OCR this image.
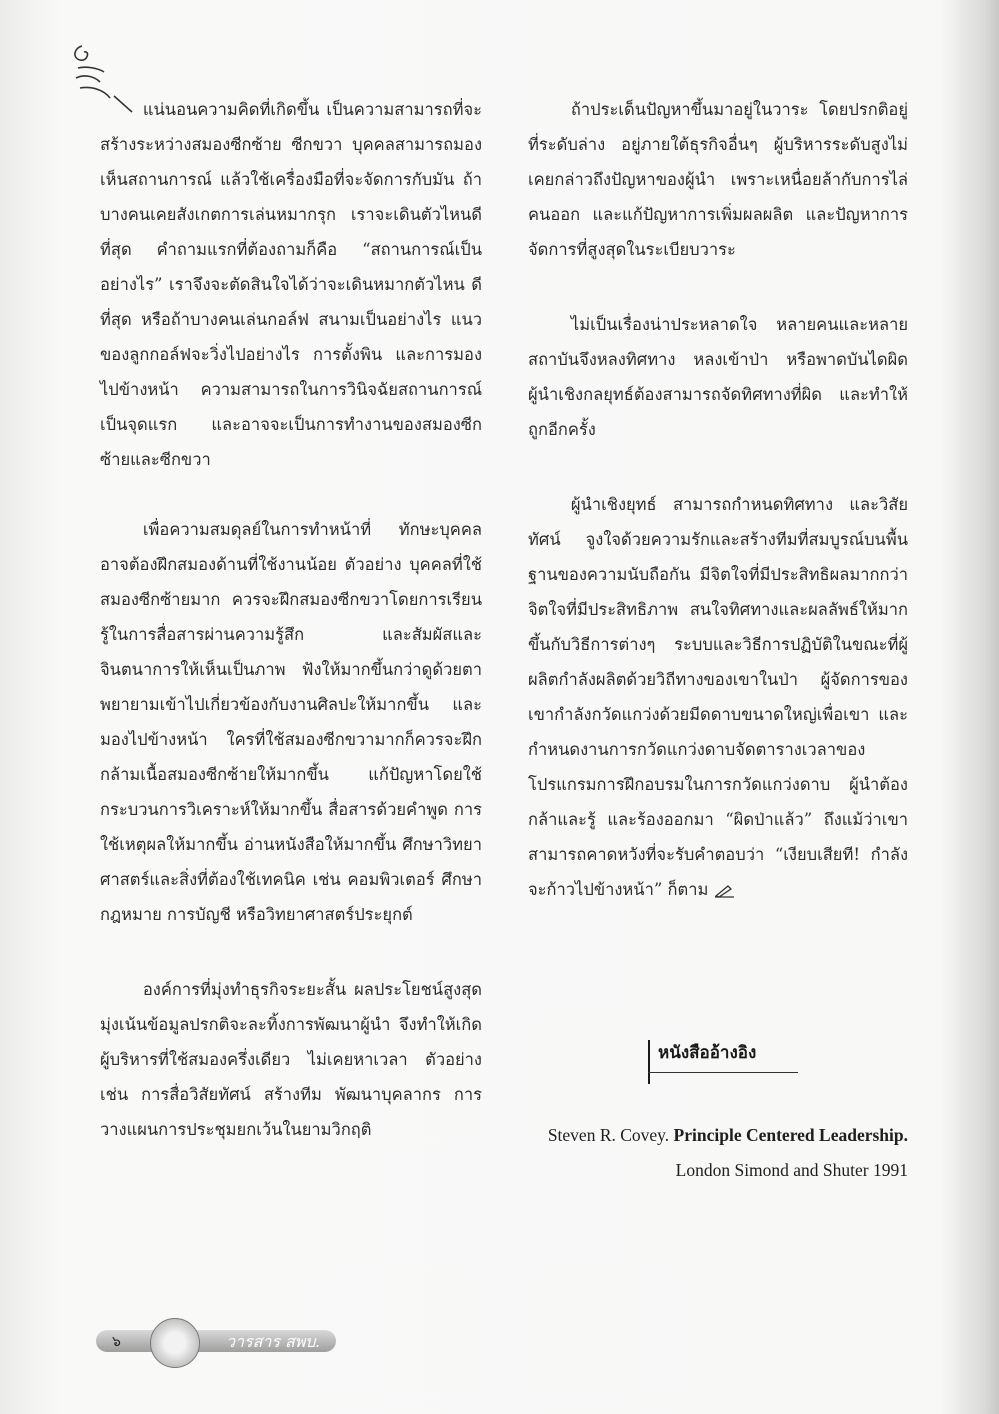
แน่นอนความคิดที่เกิดขึ้น เป็นความสามารถที่จะสร้างระหว่างสมองซีกซ้าย ซีกขวา บุคคลสามารถมองเห็นสถานการณ์ แล้วใช้เครื่องมือที่จะจัดการกับมัน ถ้าบางคนเคยสังเกตการเล่นหมากรุก เราจะเดินตัวไหนดีที่สุด คำถามแรกที่ต้องถามก็คือ “สถานการณ์เป็นอย่างไร” เราจึงจะตัดสินใจได้ว่าจะเดินหมากตัวไหน ดีที่สุด หรือถ้าบางคนเล่นกอล์ฟ สนามเป็นอย่างไร แนวของลูกกอล์ฟจะวิ่งไปอย่างไร การตั้งพิน และการมองไปข้างหน้า ความสามารถในการวินิจฉัยสถานการณ์เป็นจุดแรก และอาจจะเป็นการทำงานของสมองซีกซ้ายและซีกขวา

เพื่อความสมดุลย์ในการทำหน้าที่ ทักษะบุคคลอาจต้องฝึกสมองด้านที่ใช้งานน้อย ตัวอย่าง บุคคลที่ใช้สมองซีกซ้ายมาก ควรจะฝึกสมองซีกขวาโดยการเรียนรู้ในการสื่อสารผ่านความรู้สึก และสัมผัสและจินตนาการให้เห็นเป็นภาพ ฟังให้มากขึ้นกว่าดูด้วยตา พยายามเข้าไปเกี่ยวข้องกับงานศิลปะให้มากขึ้น และมองไปข้างหน้า ใครที่ใช้สมองซีกขวามากก็ควรจะฝึกกล้ามเนื้อสมองซีกซ้ายให้มากขึ้น แก้ปัญหาโดยใช้กระบวนการวิเคราะห์ให้มากขึ้น สื่อสารด้วยคำพูด การใช้เหตุผลให้มากขึ้น อ่านหนังสือให้มากขึ้น ศึกษาวิทยาศาสตร์และสิ่งที่ต้องใช้เทคนิค เช่น คอมพิวเตอร์ ศึกษากฎหมาย การบัญชี หรือวิทยาศาสตร์ประยุกต์

องค์การที่มุ่งทำธุรกิจระยะสั้น ผลประโยชน์สูงสุด มุ่งเน้นข้อมูลปรกติจะละทิ้งการพัฒนาผู้นำ จึงทำให้เกิดผู้บริหารที่ใช้สมองครึ่งเดียว ไม่เคยหาเวลา ตัวอย่างเช่น การสื่อวิสัยทัศน์ สร้างทีม พัฒนาบุคลากร การวางแผนการประชุมยกเว้นในยามวิกฤติ

ถ้าประเด็นปัญหาขึ้นมาอยู่ในวาระ โดยปรกติอยู่ที่ระดับล่าง อยู่ภายใต้ธุรกิจอื่นๆ ผู้บริหารระดับสูงไม่เคยกล่าวถึงปัญหาของผู้นำ เพราะเหนื่อยล้ากับการไล่คนออก และแก้ปัญหาการเพิ่มผลผลิต และปัญหาการจัดการที่สูงสุดในระเบียบวาระ

ไม่เป็นเรื่องน่าประหลาดใจ หลายคนและหลายสถาบันจึงหลงทิศทาง หลงเข้าป่า หรือพาดบันไดผิด ผู้นำเชิงกลยุทธ์ต้องสามารถจัดทิศทางที่ผิด และทำให้ถูกอีกครั้ง

ผู้นำเชิงยุทธ์ สามารถกำหนดทิศทาง และวิสัยทัศน์ จูงใจด้วยความรักและสร้างทีมที่สมบูรณ์บนพื้นฐานของความนับถือกัน มีจิตใจที่มีประสิทธิผลมากกว่าจิตใจที่มีประสิทธิภาพ สนใจทิศทางและผลลัพธ์ให้มากขึ้นกับวิธีการต่างๆ ระบบและวิธีการปฏิบัติในขณะที่ผู้ผลิตกำลังผลิตด้วยวิถีทางของเขาในป่า ผู้จัดการของเขากำลังกวัดแกว่งด้วยมีดดาบขนาดใหญ่เพื่อเขา และกำหนดงานการกวัดแกว่งดาบจัดตารางเวลาของโปรแกรมการฝึกอบรมในการกวัดแกว่งดาบ ผู้นำต้องกล้าและรู้ และร้องออกมา “ผิดป่าแล้ว” ถึงแม้ว่าเขาสามารถคาดหวังที่จะรับคำตอบว่า “เงียบเสียที! กำลังจะก้าวไปข้างหน้า” ก็ตาม

หนังสืออ้างอิง
Steven R. Covey. Principle Centered Leadership. London Simond and Shuter 1991
๖	วารสาร สพบ.
